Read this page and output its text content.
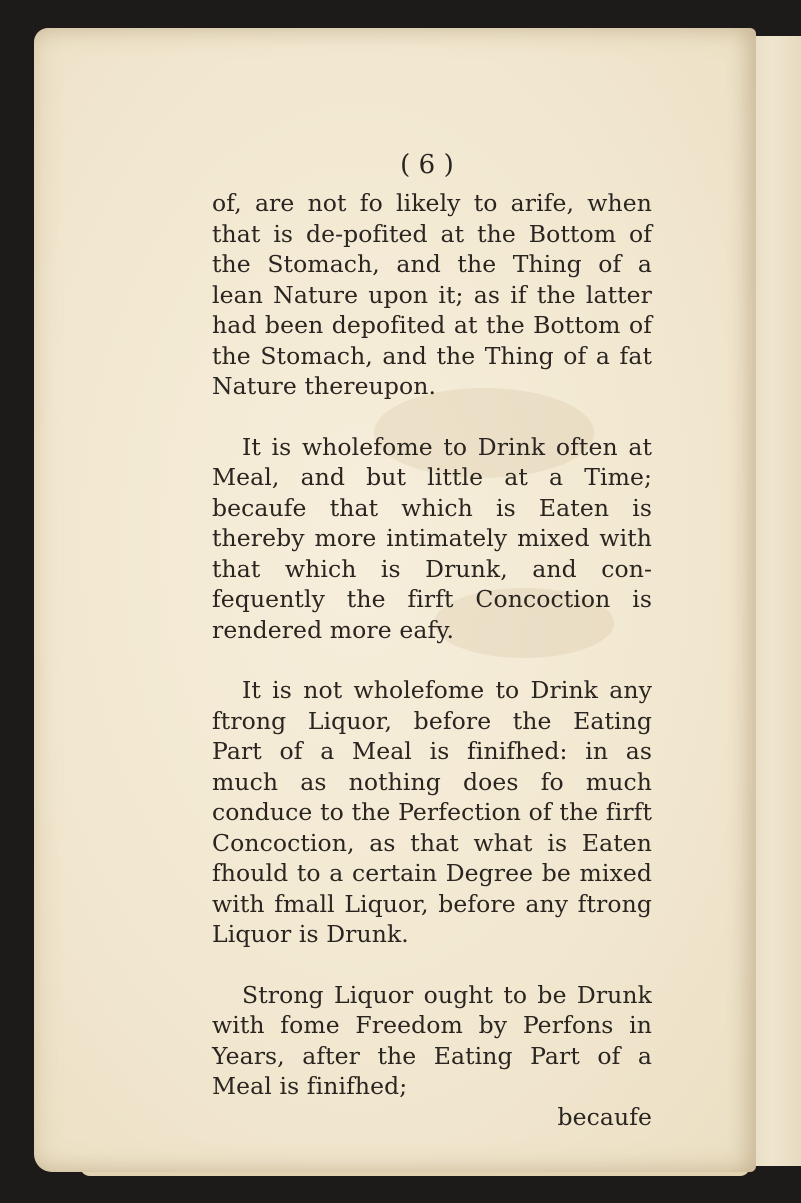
( 6 )

of, are not fo likely to arife, when that is de-pofited at the Bottom of the Stomach, and the Thing of a lean Nature upon it; as if the latter had been depofited at the Bottom of the Stomach, and the Thing of a fat Nature thereupon.

It is wholefome to Drink often at Meal, and but little at a Time; becaufe that which is Eaten is thereby more intimately mixed with that which is Drunk, and con-fequently the firft Concoction is rendered more eafy.

It is not wholefome to Drink any ftrong Liquor, before the Eating Part of a Meal is finifhed: in as much as nothing does fo much conduce to the Perfection of the firft Concoction, as that what is Eaten fhould to a certain Degree be mixed with fmall Liquor, before any ftrong Liquor is Drunk.

Strong Liquor ought to be Drunk with fome Freedom by Perfons in Years, after the Eating Part of a Meal is finifhed;

becaufe
